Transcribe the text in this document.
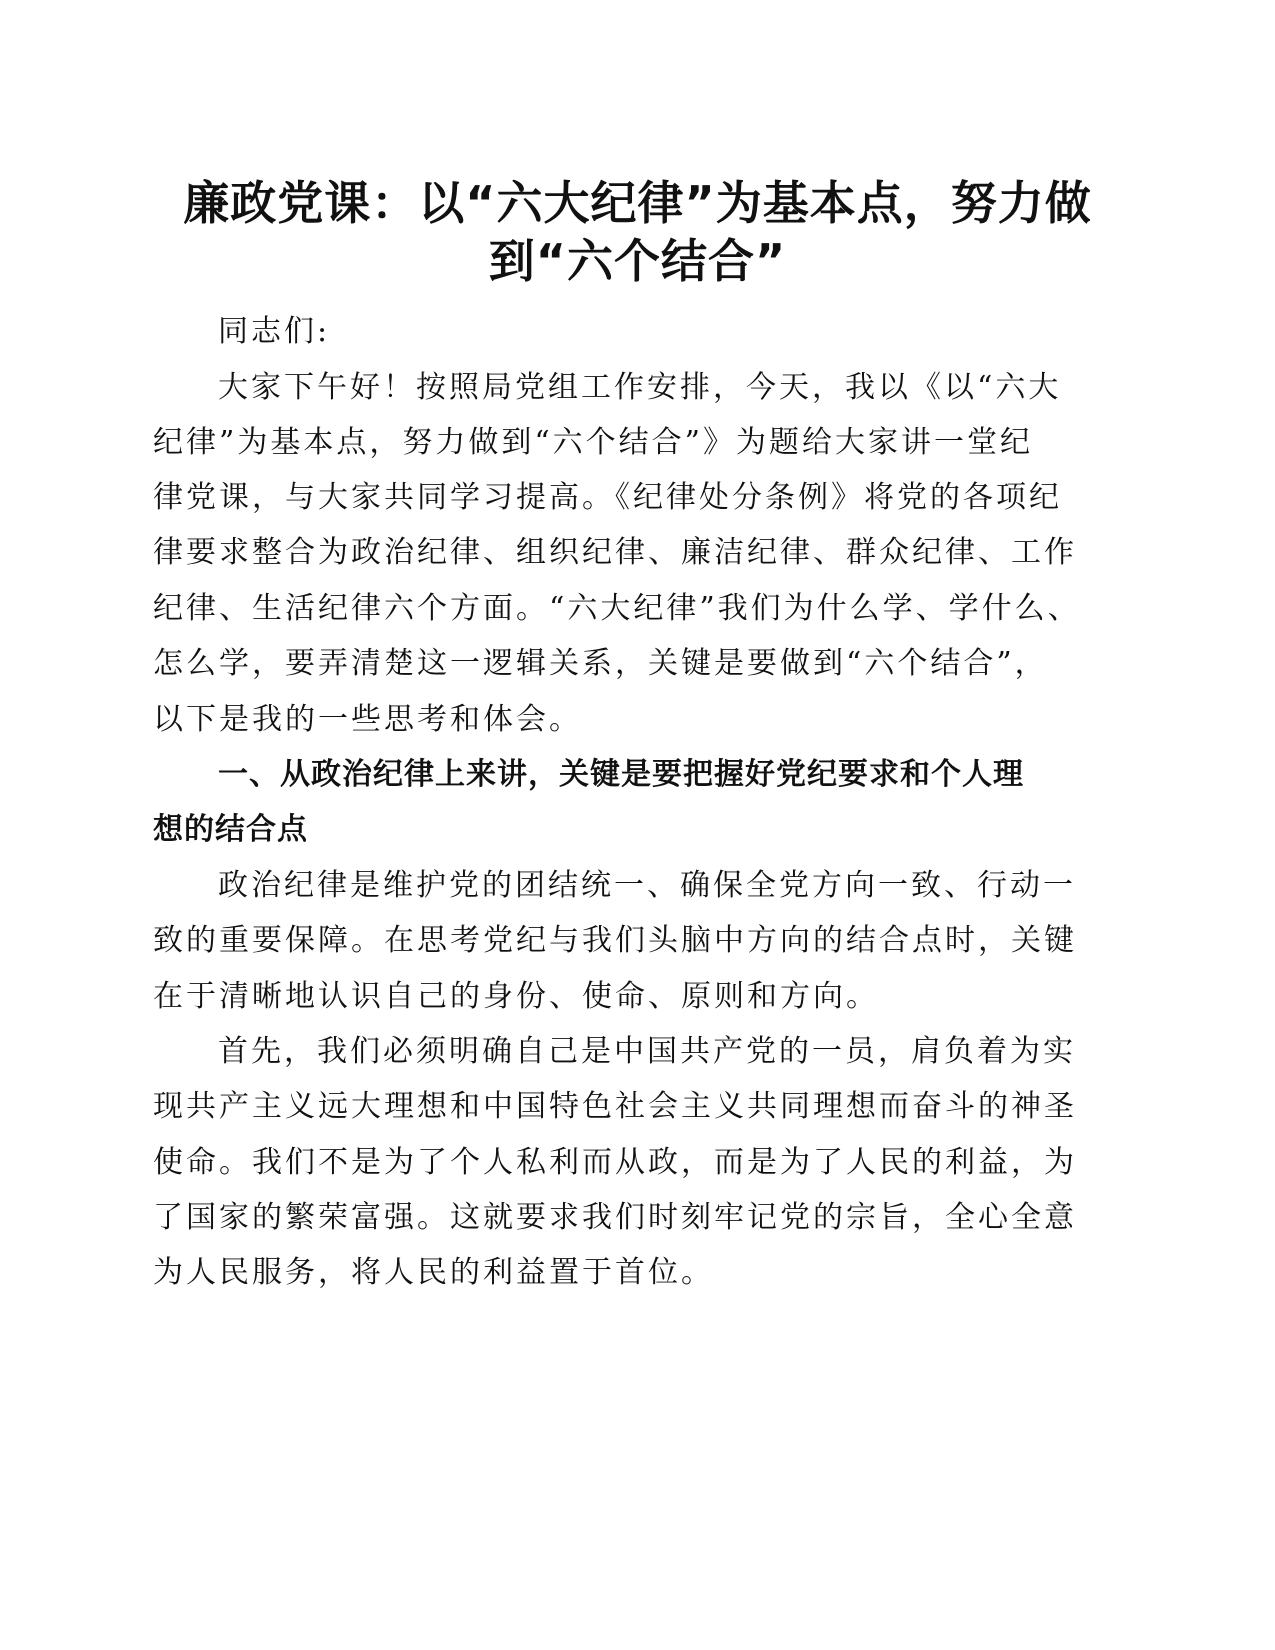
廉政党课：以“六大纪律”为基本点，努力做
到“六个结合”

同志们:

大家下午好！按照局党组工作安排，今天，我以《以“六大

纪律”为基本点，努力做到“六个结合”》为题给大家讲一堂纪

律党课，与大家共同学习提高。《纪律处分条例》将党的各项纪

律要求整合为政治纪律、组织纪律、廉洁纪律、群众纪律、工作

纪律、生活纪律六个方面。“六大纪律”我们为什么学、学什么、

怎么学，要弄清楚这一逻辑关系，关键是要做到“六个结合”，

以下是我的一些思考和体会。

一、从政治纪律上来讲，关键是要把握好党纪要求和个人理

想的结合点

政治纪律是维护党的团结统一、确保全党方向一致、行动一

致的重要保障。在思考党纪与我们头脑中方向的结合点时，关键

在于清晰地认识自己的身份、使命、原则和方向。

首先，我们必须明确自己是中国共产党的一员，肩负着为实

现共产主义远大理想和中国特色社会主义共同理想而奋斗的神圣

使命。我们不是为了个人私利而从政，而是为了人民的利益，为

了国家的繁荣富强。这就要求我们时刻牢记党的宗旨，全心全意

为人民服务，将人民的利益置于首位。
